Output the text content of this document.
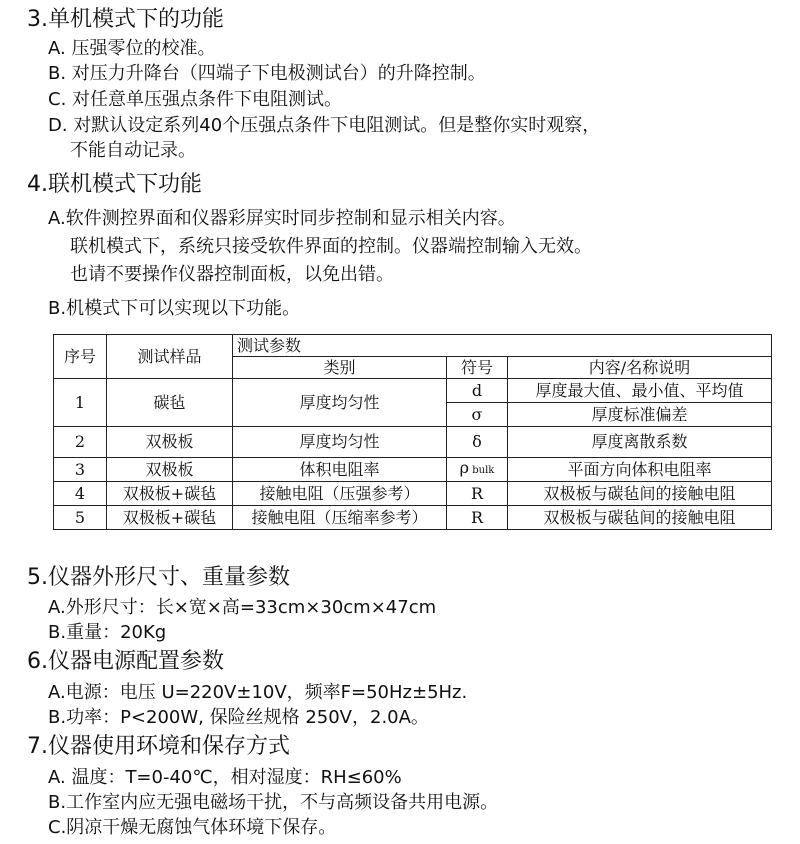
3.单机模式下的功能
A. 压强零位的校准。
B. 对压力升降台（四端子下电极测试台）的升降控制。
C. 对任意单压强点条件下电阻测试。
D. 对默认设定系列40个压强点条件下电阻测试。但是整你实时观察，
不能自动记录。
4.联机模式下功能
A.软件测控界面和仪器彩屏实时同步控制和显示相关内容。
联机模式下，系统只接受软件界面的控制。仪器端控制输入无效。
也请不要操作仪器控制面板，以免出错。
B.机模式下可以实现以下功能。
序号	测试样品	测试参数		
		类别	符号	内容/名称说明
1	碳毡	厚度均匀性	d	厚度最大值、最小值、平均值
			σ	厚度标准偏差
2	双极板	厚度均匀性	δ	厚度离散系数
3	双极板	体积电阻率	ρ bulk	平面方向体积电阻率
4	双极板+碳毡	接触电阻（压强参考）	R	双极板与碳毡间的接触电阻
5	双极板+碳毡	接触电阻（压缩率参考）	R	双极板与碳毡间的接触电阻
5.仪器外形尺寸、重量参数
A.外形尺寸：长×宽×高=33cm×30cm×47cm
B.重量：20Kg
6.仪器电源配置参数
A.电源：电压 U=220V±10V，频率F=50Hz±5Hz.
B.功率：P<200W, 保险丝规格 250V，2.0A。
7.仪器使用环境和保存方式
A. 温度：T=0-40℃，相对湿度：RH≤60%
B.工作室内应无强电磁场干扰，不与高频设备共用电源。
C.阴凉干燥无腐蚀气体环境下保存。
